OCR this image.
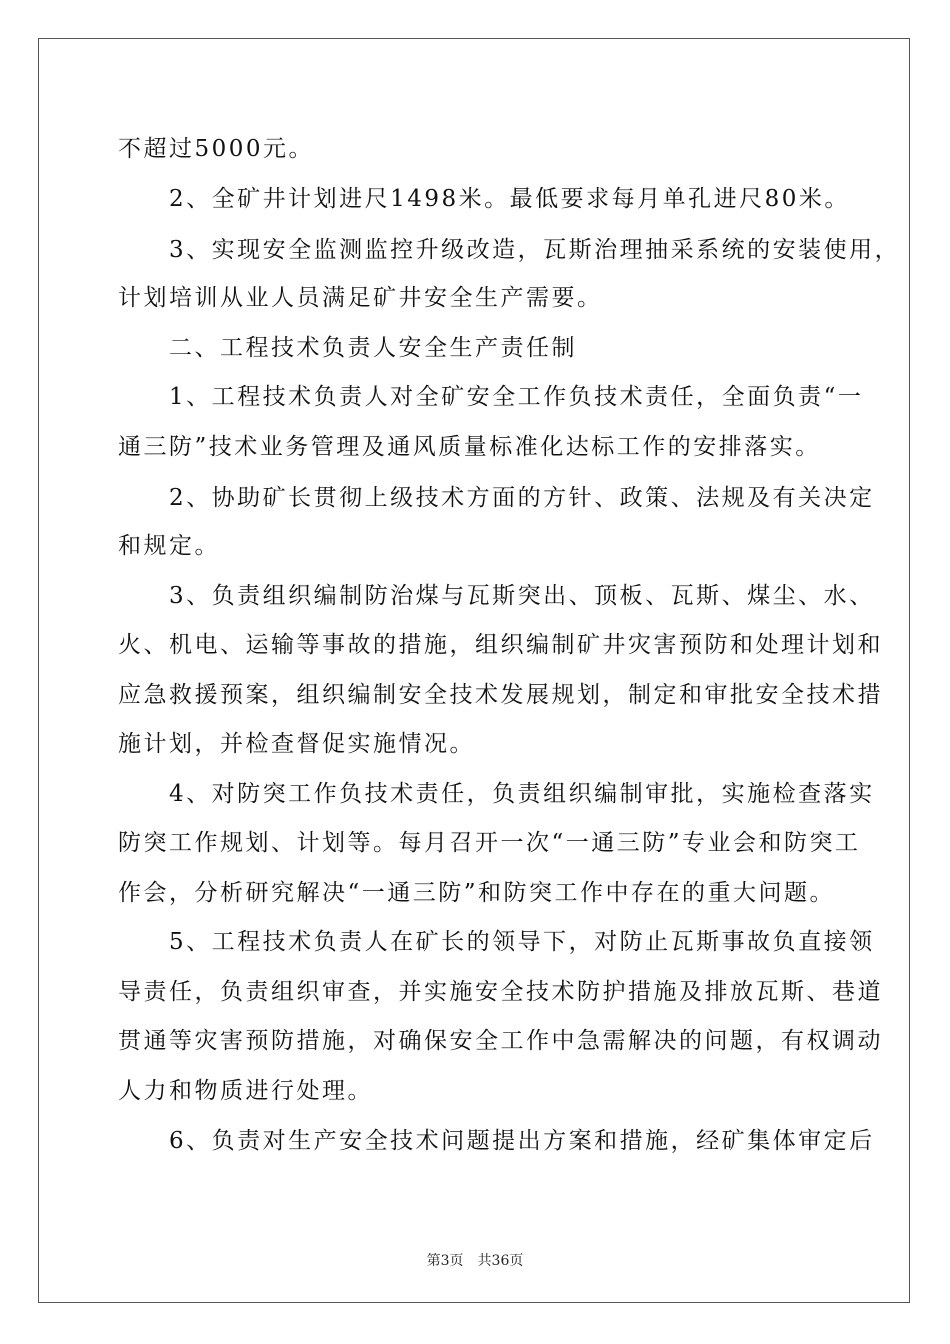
不超过5000元。
　　2、全矿井计划进尺1498米。最低要求每月单孔进尺80米。
　　3、实现安全监测监控升级改造，瓦斯治理抽采系统的安装使用，
计划培训从业人员满足矿井安全生产需要。
　　二、工程技术负责人安全生产责任制
　　1、工程技术负责人对全矿安全工作负技术责任，全面负责“一
通三防”技术业务管理及通风质量标准化达标工作的安排落实。
　　2、协助矿长贯彻上级技术方面的方针、政策、法规及有关决定
和规定。
　　3、负责组织编制防治煤与瓦斯突出、顶板、瓦斯、煤尘、水、
火、机电、运输等事故的措施，组织编制矿井灾害预防和处理计划和
应急救援预案，组织编制安全技术发展规划，制定和审批安全技术措
施计划，并检查督促实施情况。
　　4、对防突工作负技术责任，负责组织编制审批，实施检查落实
防突工作规划、计划等。每月召开一次“一通三防”专业会和防突工
作会，分析研究解决“一通三防”和防突工作中存在的重大问题。
　　5、工程技术负责人在矿长的领导下，对防止瓦斯事故负直接领
导责任，负责组织审查，并实施安全技术防护措施及排放瓦斯、巷道
贯通等灾害预防措施，对确保安全工作中急需解决的问题，有权调动
人力和物质进行处理。
　　6、负责对生产安全技术问题提出方案和措施，经矿集体审定后
第3页　共36页
